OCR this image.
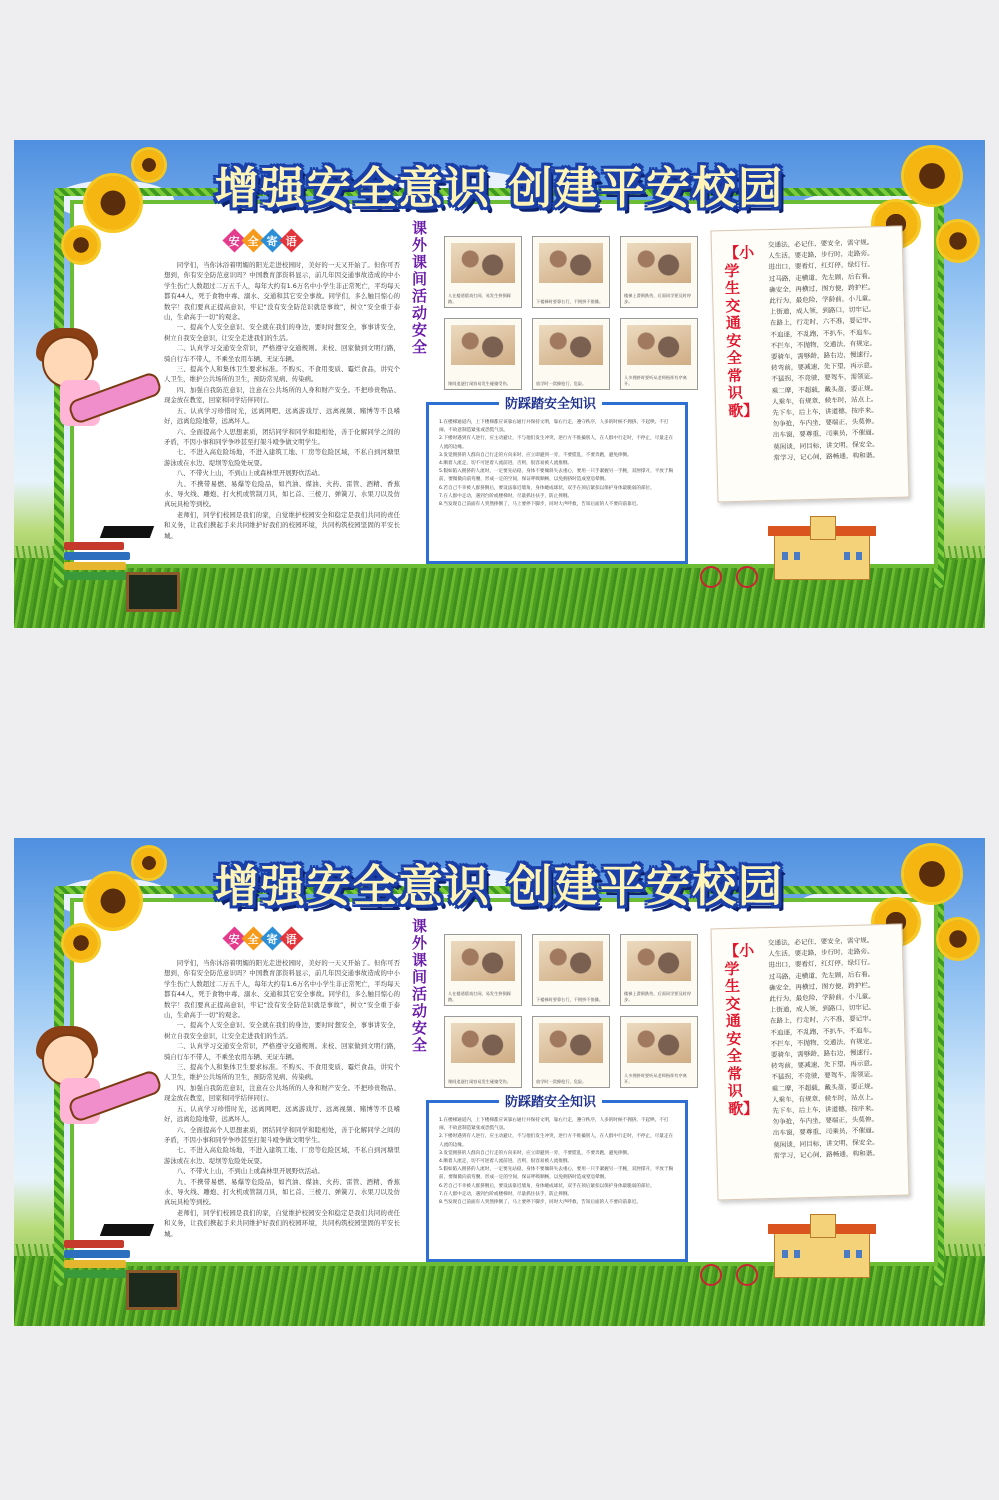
增强安全意识 创建平安校园
安 全 寄 语

同学们，当你沐浴着明媚的阳光走进校园时，美好的一天又开始了。但你可否想到，你有安全防范意识吗？中国教育部资料显示，前几年因交通事故造成的中小学生伤亡人数超过二万五千人，每年大约有1.6万名中小学生非正常死亡，平均每天都有44人，死于食物中毒、溺水、交通和其它安全事故。同学们，多么触目惊心的数字！我们要真正提高意识，牢记“没有安全防范识就是事故”，树立“安全重于泰山，生命高于一切”的观念。

一、提高个人安全意识、安全就在我们的身边，要时时想安全，事事讲安全，树立自我安全意识，让安全走进我们的生活。

二、认真学习交通安全常识，严格遵守交通规则。来校、回家做到文明行路，骑自行车不带人，不乘坐农用车辆、无证车辆。

三、提高个人和集体卫生要求标准。不购买、不食用变质、霉烂食品，讲究个人卫生，维护公共场所的卫生，预防常见病、传染病。

四、加强自我防范意识，注意在公共场所的人身和财产安全。不把珍贵物品、现金放在教室，回家和同学结伴同行。

五、认真学习珍惜时光，远离网吧、远离游戏厅、远离视频、赌博等不良嗜好，远离危险地带，远离坏人。

六、全面提高个人思想素质，团结同学和同学和睦相处，善于化解同学之间的矛盾，不因小事和同学争吵甚至打架斗殴争做文明学生。

七、不进入高危险场地，不进入建筑工地、厂房等危险区域，不私自到河塘里游泳或在水边、堤坝等危险处玩耍。

八、不带火上山，不到山上或森林里开展野炊活动。

九、不携带易燃、易爆等危险品，如汽油、煤油、火药、雷管、酒精、香蕉水、导火线、雕炮、打火机或管制刀具，如匕首、三棱刀、弹簧刀、水果刀以及仿真玩具枪等到校。

老师们，同学们校园是我们的家，自觉维护校园安全和稳定是我们共同的责任和义务，让我们携起手来共同维护好我们的校园环境，共同构筑校园坚固的平安长城。

课外课间活动安全
人在楼道嬉戏打闹，易发生挤倒踩踏。	下楼梯时要靠右行，不拥挤不推搡。
楼梯上滑倒跌伤，后面同学要及时停步。
课间追逐打闹容易发生碰撞受伤。	放学时一窝蜂抢行，危险。
人多拥挤时要听从老师指挥有序离开。
防踩踏安全知识
1.在楼梯通道内，上下楼梯都应该靠右通行并保持文明，靠右行走，遵守秩序，人多的时候不拥挤、不起哄、不打闹、不故意制造紧张或恐慌气氛。
2.下楼时遇到有人逆行，应主动避让，不与他们发生冲突，逆行方不推搡别人，在人群中行走时，不停止，尽量走在人流的边缘。
3.发觉拥挤的人群向自己行走的方向来时，应立即避到一旁，不要慌乱，不要奔跑，避免摔倒。
4.顺着人流走，切不可逆着人流前进，否则，很容易被人流推倒。
5.假如陷入拥挤的人流时，一定要先站稳，身体不要倾斜失去重心，要用一只手紧握另一手腕，双肘撑开，平放于胸前，要微微向前弯腰，形成一定的空间，保证呼吸顺畅，以免拥挤时造成窒息晕倒。
6.若自己不幸被人群挤倒后，要设法靠近墙角，身体蜷成球状，双手在颈后紧扣以保护身体最脆弱的部位。
7.在人群中走动，遇到台阶或楼梯时，尽量抓住扶手，防止摔倒。
8.当发现自己前面有人突然摔倒了，马上要停下脚步，同时大声呼救，告知后面的人不要向前靠近。
【小学生交通安全常识歌】
交通法，必记住，要安全，需守规。
人生活，要走路，步行时，走路旁。
进出口，要看灯，红灯停，绿灯行。
过马路，走横道，先左顾，后右看。
确安全，再横过，图方便，跨护栏。
此行为，最危险，学龄前，小儿童。
上街道，成人领，到路口，切牢记。
在路上，行走时，六不准，要记牢。
不追逐，不乱跑，不扒车，不追车。
不拦车，不抛物，交通法，有规定。
要骑车，需够龄，路右边，慢速行。
转弯前，要减速，先下望，再示意。
不猛拐，不竞驶，要驾车，需领证。
乘二摩，不超载，戴头盔，要正规。
人乘车，有规章，候车时，站点上。
先下车，后上车，讲道德，按序来。
勿争抢，车内坐，要端正，头莫伸。
出车窗，要尊重，司乘员，不催逼。
莫闲谈，同目标，讲文明，保安全。
常学习，记心间，路畅通，构和谐。
增强安全意识 创建平安校园
安 全 寄 语

同学们，当你沐浴着明媚的阳光走进校园时，美好的一天又开始了。但你可否想到，你有安全防范意识吗？中国教育部资料显示，前几年因交通事故造成的中小学生伤亡人数超过二万五千人，每年大约有1.6万名中小学生非正常死亡，平均每天都有44人，死于食物中毒、溺水、交通和其它安全事故。同学们，多么触目惊心的数字！我们要真正提高意识，牢记“没有安全防范识就是事故”，树立“安全重于泰山，生命高于一切”的观念。

一、提高个人安全意识、安全就在我们的身边，要时时想安全，事事讲安全，树立自我安全意识，让安全走进我们的生活。

二、认真学习交通安全常识，严格遵守交通规则。来校、回家做到文明行路，骑自行车不带人，不乘坐农用车辆、无证车辆。

三、提高个人和集体卫生要求标准。不购买、不食用变质、霉烂食品，讲究个人卫生，维护公共场所的卫生，预防常见病、传染病。

四、加强自我防范意识，注意在公共场所的人身和财产安全。不把珍贵物品、现金放在教室，回家和同学结伴同行。

五、认真学习珍惜时光，远离网吧、远离游戏厅、远离视频、赌博等不良嗜好，远离危险地带，远离坏人。

六、全面提高个人思想素质，团结同学和同学和睦相处，善于化解同学之间的矛盾，不因小事和同学争吵甚至打架斗殴争做文明学生。

七、不进入高危险场地，不进入建筑工地、厂房等危险区域，不私自到河塘里游泳或在水边、堤坝等危险处玩耍。

八、不带火上山，不到山上或森林里开展野炊活动。

九、不携带易燃、易爆等危险品，如汽油、煤油、火药、雷管、酒精、香蕉水、导火线、雕炮、打火机或管制刀具，如匕首、三棱刀、弹簧刀、水果刀以及仿真玩具枪等到校。

老师们，同学们校园是我们的家，自觉维护校园安全和稳定是我们共同的责任和义务，让我们携起手来共同维护好我们的校园环境，共同构筑校园坚固的平安长城。

课外课间活动安全
人在楼道嬉戏打闹，易发生挤倒踩踏。	下楼梯时要靠右行，不拥挤不推搡。
楼梯上滑倒跌伤，后面同学要及时停步。
课间追逐打闹容易发生碰撞受伤。	放学时一窝蜂抢行，危险。
人多拥挤时要听从老师指挥有序离开。
防踩踏安全知识
1.在楼梯通道内，上下楼梯都应该靠右通行并保持文明，靠右行走，遵守秩序，人多的时候不拥挤、不起哄、不打闹、不故意制造紧张或恐慌气氛。
2.下楼时遇到有人逆行，应主动避让，不与他们发生冲突，逆行方不推搡别人，在人群中行走时，不停止，尽量走在人流的边缘。
3.发觉拥挤的人群向自己行走的方向来时，应立即避到一旁，不要慌乱，不要奔跑，避免摔倒。
4.顺着人流走，切不可逆着人流前进，否则，很容易被人流推倒。
5.假如陷入拥挤的人流时，一定要先站稳，身体不要倾斜失去重心，要用一只手紧握另一手腕，双肘撑开，平放于胸前，要微微向前弯腰，形成一定的空间，保证呼吸顺畅，以免拥挤时造成窒息晕倒。
6.若自己不幸被人群挤倒后，要设法靠近墙角，身体蜷成球状，双手在颈后紧扣以保护身体最脆弱的部位。
7.在人群中走动，遇到台阶或楼梯时，尽量抓住扶手，防止摔倒。
8.当发现自己前面有人突然摔倒了，马上要停下脚步，同时大声呼救，告知后面的人不要向前靠近。
【小学生交通安全常识歌】
交通法，必记住，要安全，需守规。
人生活，要走路，步行时，走路旁。
进出口，要看灯，红灯停，绿灯行。
过马路，走横道，先左顾，后右看。
确安全，再横过，图方便，跨护栏。
此行为，最危险，学龄前，小儿童。
上街道，成人领，到路口，切牢记。
在路上，行走时，六不准，要记牢。
不追逐，不乱跑，不扒车，不追车。
不拦车，不抛物，交通法，有规定。
要骑车，需够龄，路右边，慢速行。
转弯前，要减速，先下望，再示意。
不猛拐，不竞驶，要驾车，需领证。
乘二摩，不超载，戴头盔，要正规。
人乘车，有规章，候车时，站点上。
先下车，后上车，讲道德，按序来。
勿争抢，车内坐，要端正，头莫伸。
出车窗，要尊重，司乘员，不催逼。
莫闲谈，同目标，讲文明，保安全。
常学习，记心间，路畅通，构和谐。
